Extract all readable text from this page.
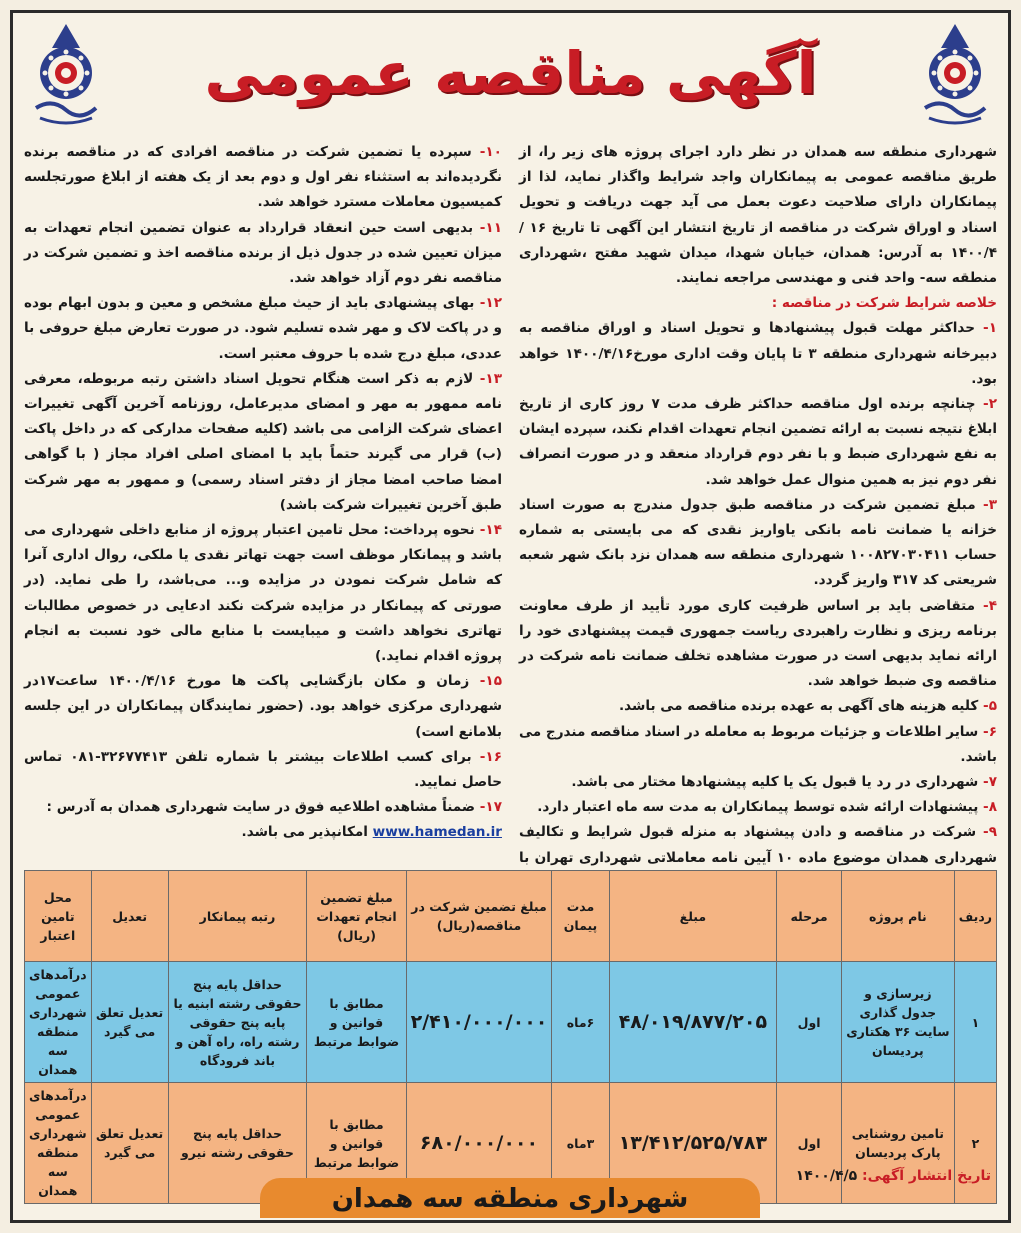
آگهی مناقصه عمومی

شهرداری منطقه سه همدان در نظر دارد اجرای پروژه های زیر را، از طریق مناقصه عمومی به پیمانکاران واجد شرایط واگذار نماید، لذا از پیمانکاران دارای صلاحیت دعوت بعمل می آید جهت دریافت و تحویل اسناد و اوراق شرکت در مناقصه از تاریخ انتشار این آگهی تا تاریخ ۱۶ /۱۴۰۰/۴ به آدرس: همدان، خیابان شهدا، میدان شهید مفتح ،شهرداری منطقه سه- واحد فنی و مهندسی مراجعه نمایند.

خلاصه شرایط شرکت در مناقصه :

۱- حداکثر مهلت قبول پیشنهادها و تحویل اسناد و اوراق مناقصه به دبیرخانه شهرداری منطقه ۳ تا پایان وقت اداری مورخ۱۴۰۰/۴/۱۶ خواهد بود.

۲- چنانچه برنده اول مناقصه حداکثر ظرف مدت ۷ روز کاری از تاریخ ابلاغ نتیجه نسبت به ارائه تضمین انجام تعهدات اقدام نکند، سپرده ایشان به نفع شهرداری ضبط و با نفر دوم قرارداد منعقد و در صورت انصراف نفر دوم نیز به همین منوال عمل خواهد شد.

۳- مبلغ تضمین شرکت در مناقصه طبق جدول مندرج به صورت اسناد خزانه یا ضمانت نامه بانکی یاواریز نقدی که می بایستی به شماره حساب ۱۰۰۸۲۷۰۳۰۴۱۱ شهرداری منطقه سه همدان نزد بانک شهر شعبه شریعتی کد ۳۱۷ واریز گردد.

۴- متقاضی باید بر اساس ظرفیت کاری مورد تأیید از طرف معاونت برنامه ریزی و نظارت راهبردی ریاست جمهوری قیمت پیشنهادی خود را ارائه نماید بدیهی است در صورت مشاهده تخلف ضمانت نامه شرکت در مناقصه وی ضبط خواهد شد.

۵- کلیه هزینه های آگهی به عهده برنده مناقصه می باشد.

۶- سایر اطلاعات و جزئیات مربوط به معامله در اسناد مناقصه مندرج می باشد.

۷- شهرداری در رد یا قبول یک یا کلیه پیشنهادها مختار می باشد.

۸- پیشنهادات ارائه شده توسط پیمانکاران به مدت سه ماه اعتبار دارد.

۹- شرکت در مناقصه و دادن پیشنهاد به منزله قبول شرایط و تکالیف شهرداری همدان موضوع ماده ۱۰ آیین نامه معاملاتی شهرداری تهران با

۱۰- سپرده یا تضمین شرکت در مناقصه افرادی که در مناقصه برنده نگردیده‌اند به استثناء نفر اول و دوم بعد از یک هفته از ابلاغ صورتجلسه کمیسیون معاملات مسترد خواهد شد.

۱۱- بدیهی است حین انعقاد قرارداد به عنوان تضمین انجام تعهدات به میزان تعیین شده در جدول ذیل از برنده مناقصه اخذ و تضمین شرکت در مناقصه نفر دوم آزاد خواهد شد.

۱۲- بهای پیشنهادی باید از حیث مبلغ مشخص و معین و بدون ابهام بوده و در پاکت لاک و مهر شده تسلیم شود. در صورت تعارض مبلغ حروفی با عددی، مبلغ درج شده با حروف معتبر است.

۱۳- لازم به ذکر است هنگام تحویل اسناد داشتن رتبه مربوطه، معرفی نامه ممهور به مهر و امضای مدیرعامل، روزنامه آخرین آگهی تغییرات اعضای شرکت الزامی می باشد (کلیه صفحات مدارکی که در داخل پاکت (ب) قرار می گیرند حتماً باید با امضای اصلی افراد مجاز ( با گواهی امضا صاحب امضا مجاز از دفتر اسناد رسمی) و ممهور به مهر شرکت طبق آخرین تغییرات شرکت باشد)

۱۴- نحوه پرداخت: محل تامین اعتبار پروژه از منابع داخلی شهرداری می باشد و پیمانکار موظف است جهت تهاتر نقدی یا ملکی، روال اداری آنرا که شامل شرکت نمودن در مزایده و... می‌باشد، را طی نماید. (در صورتی که پیمانکار در مزایده شرکت نکند ادعایی در خصوص مطالبات تهاتری نخواهد داشت و میبایست با منابع مالی خود نسبت به انجام پروژه اقدام نماید.)

۱۵- زمان و مکان بازگشایی پاکت ها مورخ ۱۴۰۰/۴/۱۶ ساعت۱۷در شهرداری مرکزی خواهد بود. (حضور نمایندگان پیمانکاران در این جلسه بلامانع است)

۱۶- برای کسب اطلاعات بیشتر با شماره تلفن ۳۲۶۷۷۴۱۳-۰۸۱ تماس حاصل نمایید.

۱۷- ضمناً مشاهده اطلاعیه فوق در سایت شهرداری همدان به آدرس :

www.hamedan.ir امکانپذیر می باشد.

ردیف	نام پروژه	مرحله	مبلغ	مدت پیمان	مبلغ تضمین شرکت در مناقصه(ریال)	مبلغ تضمین انجام تعهدات (ریال)	رتبه پیمانکار	تعدیل	محل تامین اعتبار
۱	زیرسازی و جدول گذاری سایت ۳۶ هکتاری پردیسان	اول	۴۸/۰۱۹/۸۷۷/۲۰۵	۶ماه	۲/۴۱۰/۰۰۰/۰۰۰	مطابق با قوانین و ضوابط مرتبط	حداقل پایه پنج حقوقی رشته ابنیه یا پایه پنج حقوقی رشته راه، راه آهن و باند فرودگاه	تعدیل تعلق می گیرد	درآمدهای عمومی شهرداری منطقه سه همدان
۲	تامین روشنایی پارک پردیسان	اول	۱۳/۴۱۲/۵۲۵/۷۸۳	۳ماه	۶۸۰/۰۰۰/۰۰۰	مطابق با قوانین و ضوابط مرتبط	حداقل پایه پنج حقوقی رشته نیرو	تعدیل تعلق می گیرد	درآمدهای عمومی شهرداری منطقه سه همدان
تاریخ انتشار آگهی: ۱۴۰۰/۴/۵
شهرداری منطقه سه همدان
